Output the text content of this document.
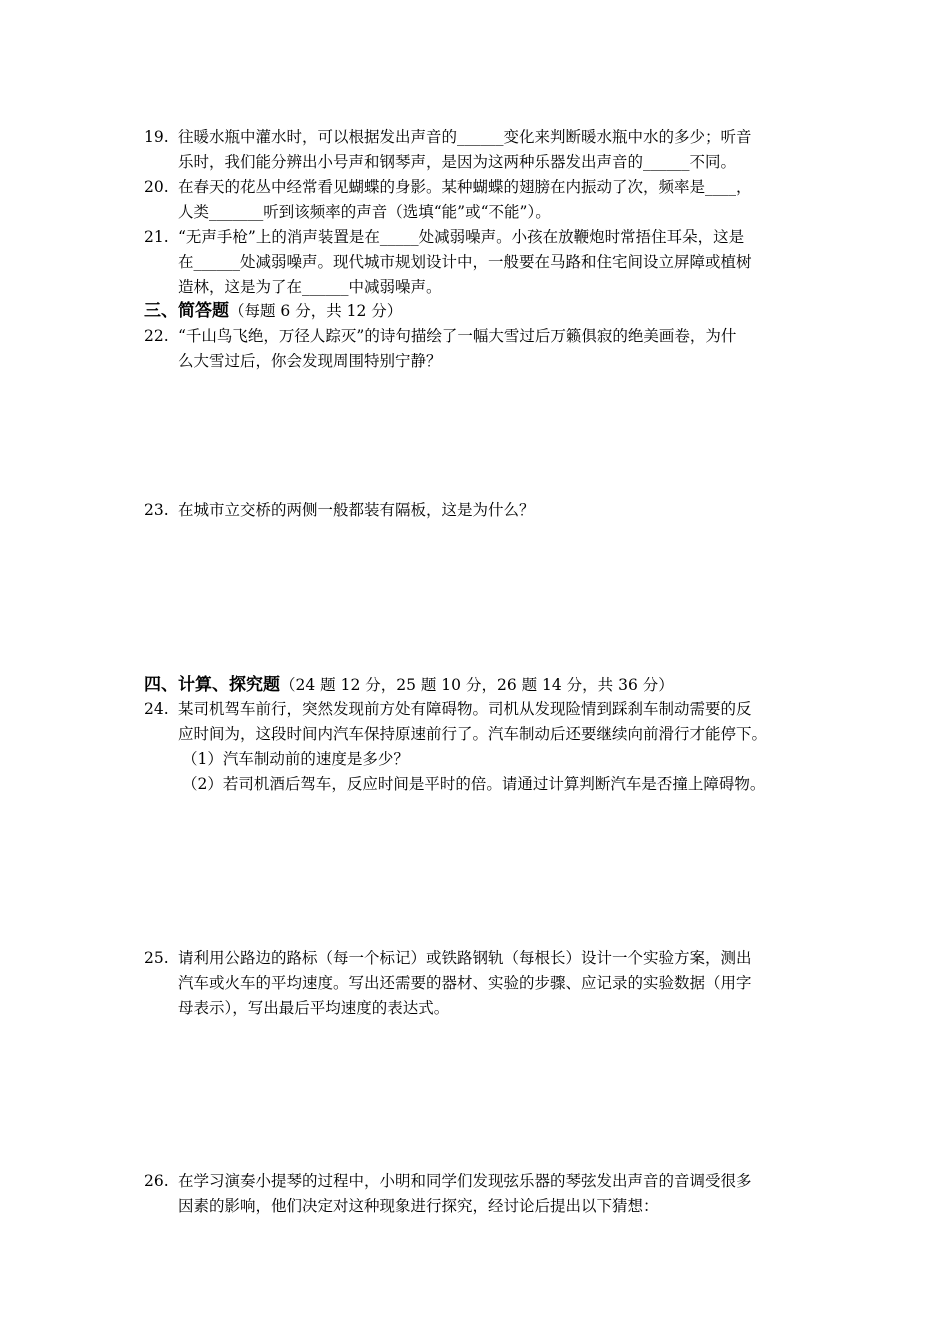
19. 往暖水瓶中灌水时，可以根据发出声音的______变化来判断暖水瓶中水的多少；听音
乐时，我们能分辨出小号声和钢琴声，是因为这两种乐器发出声音的______不同。
20. 在春天的花丛中经常看见蝴蝶的身影。某种蝴蝶的翅膀在内振动了次，频率是____，
人类_______听到该频率的声音（选填“能”或“不能”）。
21. “无声手枪”上的消声装置是在_____处减弱噪声。小孩在放鞭炮时常捂住耳朵，这是
在______处减弱噪声。现代城市规划设计中，一般要在马路和住宅间设立屏障或植树
造林，这是为了在______中减弱噪声。
三、简答题（每题 6 分，共 12 分）
22. “千山鸟飞绝，万径人踪灭”的诗句描绘了一幅大雪过后万籁俱寂的绝美画卷，为什
么大雪过后，你会发现周围特别宁静？
23. 在城市立交桥的两侧一般都装有隔板，这是为什么？
四、计算、探究题（24 题 12 分，25 题 10 分，26 题 14 分，共 36 分）
24. 某司机驾车前行，突然发现前方处有障碍物。司机从发现险情到踩刹车制动需要的反
应时间为，这段时间内汽车保持原速前行了。汽车制动后还要继续向前滑行才能停下。
（1）汽车制动前的速度是多少？
（2）若司机酒后驾车，反应时间是平时的倍。请通过计算判断汽车是否撞上障碍物。
25. 请利用公路边的路标（每一个标记）或铁路钢轨（每根长）设计一个实验方案，测出
汽车或火车的平均速度。写出还需要的器材、实验的步骤、应记录的实验数据（用字
母表示），写出最后平均速度的表达式。
26. 在学习演奏小提琴的过程中，小明和同学们发现弦乐器的琴弦发出声音的音调受很多
因素的影响，他们决定对这种现象进行探究，经讨论后提出以下猜想：
